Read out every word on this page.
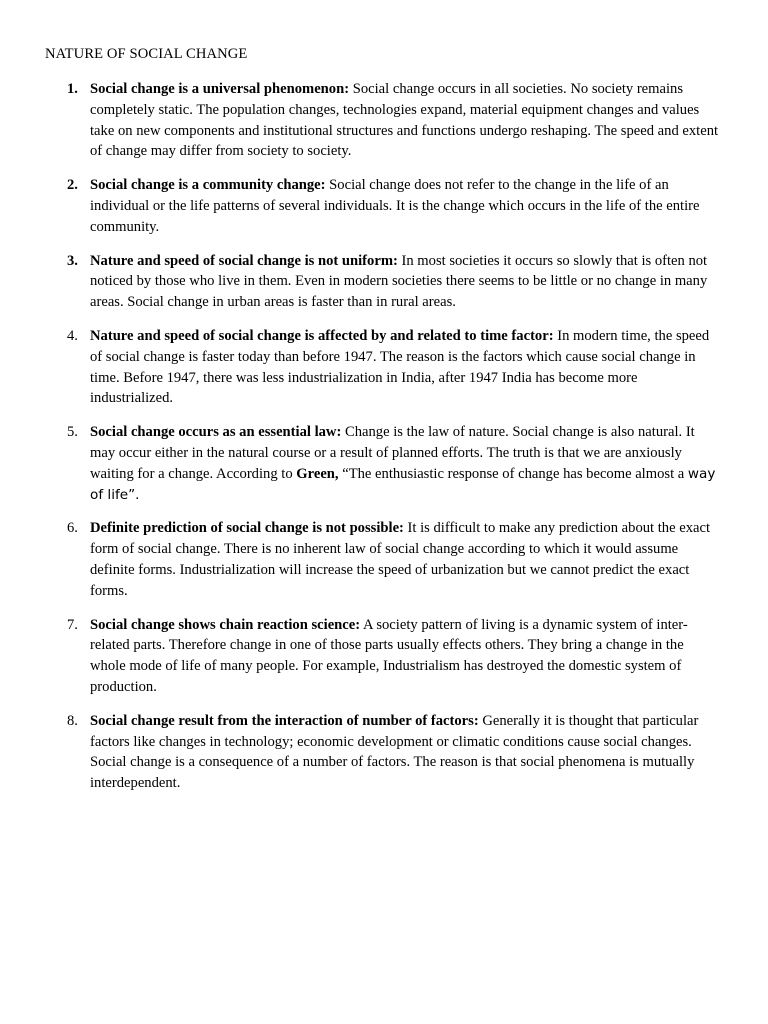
NATURE OF SOCIAL CHANGE
1. Social change is a universal phenomenon: Social change occurs in all societies. No society remains completely static. The population changes, technologies expand, material equipment changes and values take on new components and institutional structures and functions undergo reshaping. The speed and extent of change may differ from society to society.

2. Social change is a community change: Social change does not refer to the change in the life of an individual or the life patterns of several individuals. It is the change which occurs in the life of the entire community.

3. Nature and speed of social change is not uniform: In most societies it occurs so slowly that is often not noticed by those who live in them. Even in modern societies there seems to be little or no change in many areas. Social change in urban areas is faster than in rural areas.

4. Nature and speed of social change is affected by and related to time factor: In modern time, the speed of social change is faster today than before 1947. The reason is the factors which cause social change in time. Before 1947, there was less industrialization in India, after 1947 India has become more industrialized.

5. Social change occurs as an essential law: Change is the law of nature. Social change is also natural. It may occur either in the natural course or a result of planned efforts. The truth is that we are anxiously waiting for a change. According to Green, “The enthusiastic response of change has become almost a way of life”.

6. Definite prediction of social change is not possible: It is difficult to make any prediction about the exact form of social change. There is no inherent law of social change according to which it would assume definite forms. Industrialization will increase the speed of urbanization but we cannot predict the exact forms.

7. Social change shows chain reaction science: A society pattern of living is a dynamic system of inter-related parts. Therefore change in one of those parts usually effects others. They bring a change in the whole mode of life of many people. For example, Industrialism has destroyed the domestic system of production.

8. Social change result from the interaction of number of factors: Generally it is thought that particular factors like changes in technology; economic development or climatic conditions cause social changes. Social change is a consequence of a number of factors. The reason is that social phenomena is mutually interdependent.
